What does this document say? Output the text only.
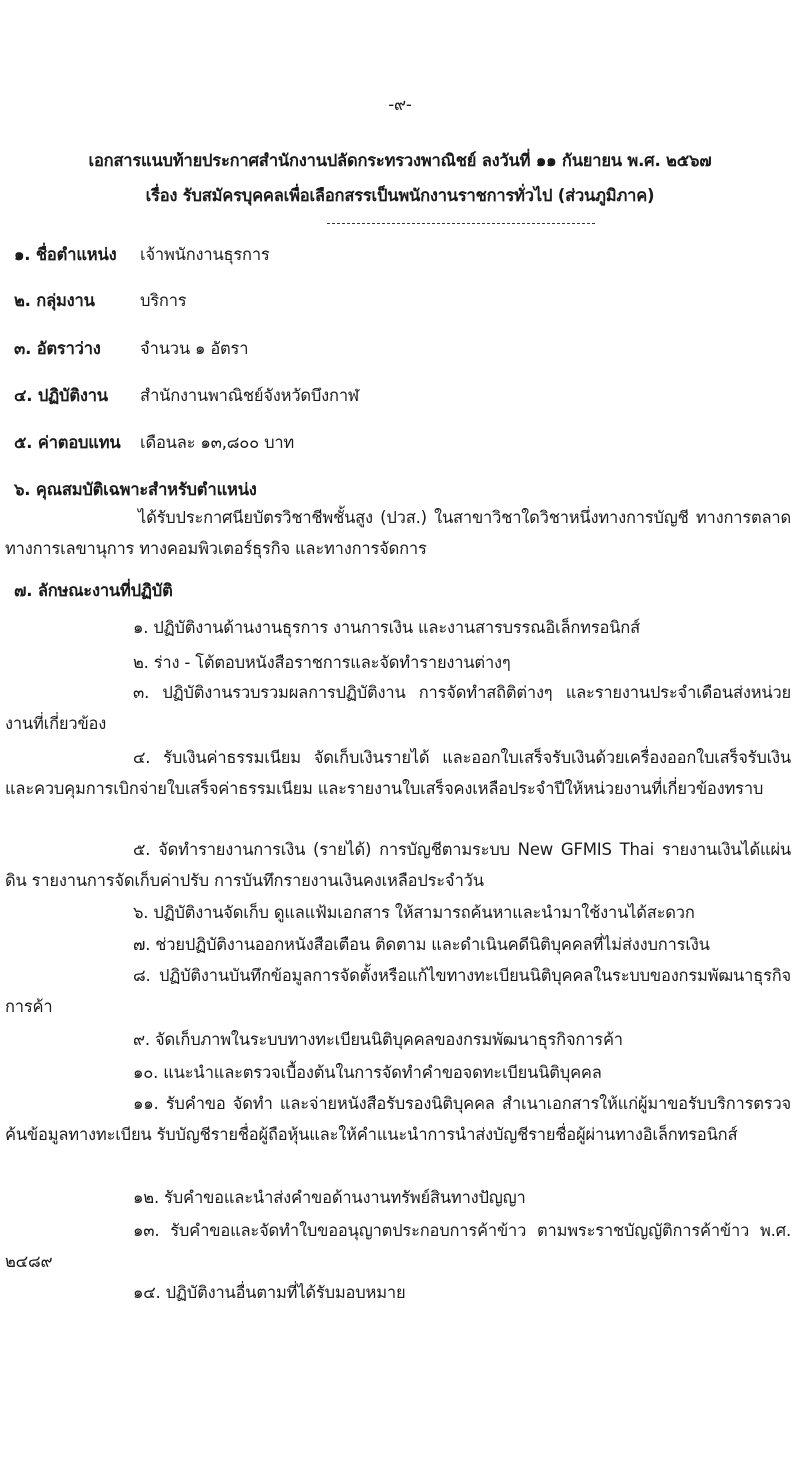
-๙-
เอกสารแนบท้ายประกาศสำนักงานปลัดกระทรวงพาณิชย์ ลงวันที่ ๑๑ กันยายน พ.ศ. ๒๕๖๗
เรื่อง รับสมัครบุคคลเพื่อเลือกสรรเป็นพนักงานราชการทั่วไป (ส่วนภูมิภาค)
๑. ชื่อตำแหน่ง เจ้าพนักงานธุรการ
๒. กลุ่มงาน	บริการ
๓. อัตราว่าง จำนวน ๑ อัตรา
๔. ปฏิบัติงาน สำนักงานพาณิชย์จังหวัดบึงกาฬ
๕. ค่าตอบแทน เดือนละ ๑๓,๘๐๐ บาท
๖. คุณสมบัติเฉพาะสำหรับตำแหน่ง
ได้รับประกาศนียบัตรวิชาชีพชั้นสูง (ปวส.) ในสาขาวิชาใดวิชาหนึ่งทางการบัญชี ทางการตลาด ทางการเลขานุการ ทางคอมพิวเตอร์ธุรกิจ และทางการจัดการ
๗. ลักษณะงานที่ปฏิบัติ
๑. ปฏิบัติงานด้านงานธุรการ งานการเงิน และงานสารบรรณอิเล็กทรอนิกส์
๒. ร่าง - โต้ตอบหนังสือราชการและจัดทำรายงานต่างๆ
๓. ปฏิบัติงานรวบรวมผลการปฏิบัติงาน การจัดทำสถิติต่างๆ และรายงานประจำเดือนส่งหน่วยงานที่เกี่ยวข้อง
๔. รับเงินค่าธรรมเนียม จัดเก็บเงินรายได้ และออกใบเสร็จรับเงินด้วยเครื่องออกใบเสร็จรับเงิน และควบคุมการเบิกจ่ายใบเสร็จค่าธรรมเนียม และรายงานใบเสร็จคงเหลือประจำปีให้หน่วยงานที่เกี่ยวข้องทราบ
๕. จัดทำรายงานการเงิน (รายได้) การบัญชีตามระบบ New GFMIS Thai รายงานเงินได้แผ่นดิน รายงานการจัดเก็บค่าปรับ การบันทึกรายงานเงินคงเหลือประจำวัน
๖. ปฏิบัติงานจัดเก็บ ดูแลแฟ้มเอกสาร ให้สามารถค้นหาและนำมาใช้งานได้สะดวก
๗. ช่วยปฏิบัติงานออกหนังสือเตือน ติดตาม และดำเนินคดีนิติบุคคลที่ไม่ส่งงบการเงิน
๘. ปฏิบัติงานบันทึกข้อมูลการจัดตั้งหรือแก้ไขทางทะเบียนนิติบุคคลในระบบของกรมพัฒนาธุรกิจการค้า
๙. จัดเก็บภาพในระบบทางทะเบียนนิติบุคคลของกรมพัฒนาธุรกิจการค้า
๑๐. แนะนำและตรวจเบื้องต้นในการจัดทำคำขอจดทะเบียนนิติบุคคล
๑๑. รับคำขอ จัดทำ และจ่ายหนังสือรับรองนิติบุคคล สำเนาเอกสารให้แก่ผู้มาขอรับบริการตรวจค้นข้อมูลทางทะเบียน รับบัญชีรายชื่อผู้ถือหุ้นและให้คำแนะนำการนำส่งบัญชีรายชื่อผู้ผ่านทางอิเล็กทรอนิกส์
๑๒. รับคำขอและนำส่งคำขอด้านงานทรัพย์สินทางปัญญา
๑๓. รับคำขอและจัดทำใบขออนุญาตประกอบการค้าข้าว ตามพระราชบัญญัติการค้าข้าว พ.ศ. ๒๔๘๙
๑๔. ปฏิบัติงานอื่นตามที่ได้รับมอบหมาย
